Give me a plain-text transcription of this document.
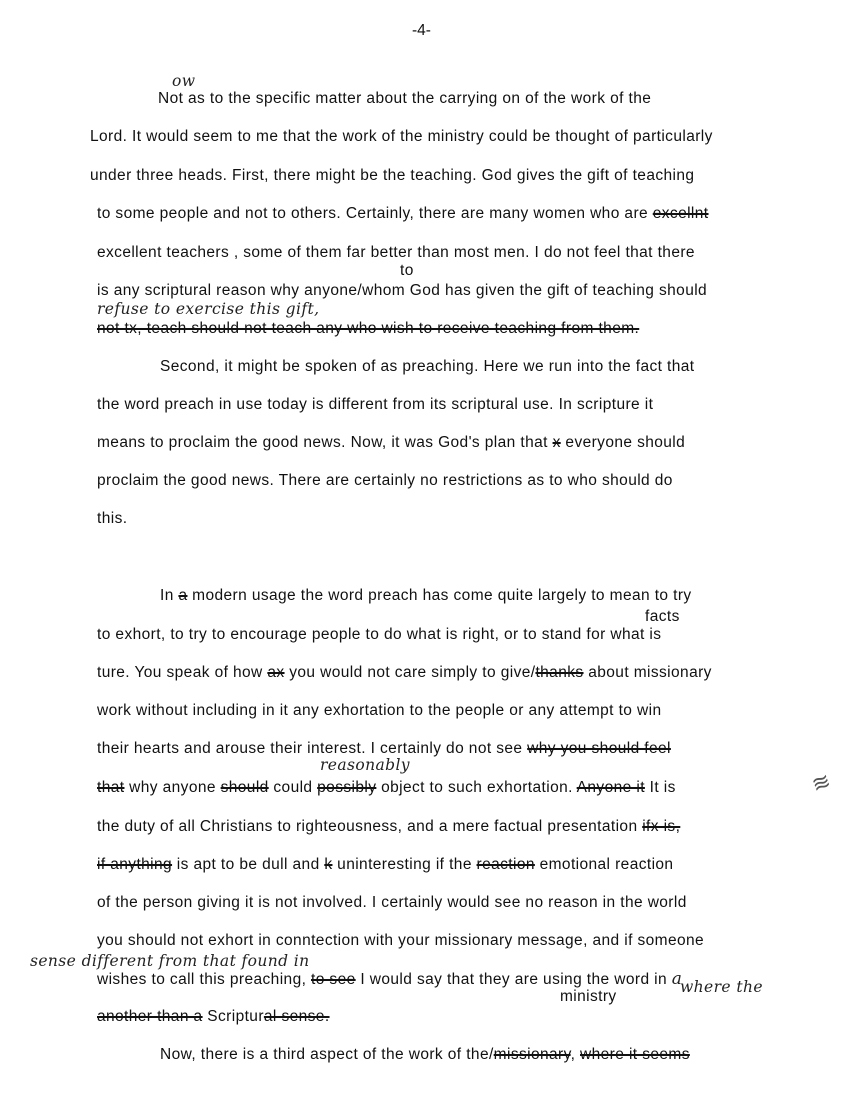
-4-
Not as to the specific matter about the carrying on of the work of the
Lord. It would seem to me that the work of the ministry could be thought of particularly
under three heads. First, there might be the teaching. God gives the gift of teaching
to some people and not to others. Certainly, there are many women who are excellnt
excellent teachers , some of them far better than most men. I do not feel that there
is any scriptural reason why anyone/whom God has given the gift of teaching should
not tx, teach should not teach any who wish to receive teaching from them.
Second, it might be spoken of as preaching. Here we run into the fact that
the word preach in use today is different from its scriptural use. In scripture it
means to proclaim the good news. Now, it was God's plan that x everyone should
proclaim the good news. There are certainly no restrictions as to who should do
this.
In a modern usage the word preach has come quite largely to mean to try
to exhort, to try to encourage people to do what is right, or to stand for what is
ture. You speak of how ax you would not care simply to give/thanks about missionary
work without including in it any exhortation to the people or any attempt to win
their hearts and arouse their interest. I certainly do not see why you should feel
that why anyone should could possibly object to such exhortation. Anyone it It is
the duty of all Christians to righteousness, and a mere factual presentation ifx is,
if anything is apt to be dull and k uninteresting if the reaction emotional reaction
of the person giving it is not involved. I certainly would see no reason in the world
you should not exhort in conntection with your missionary message, and if someone
wishes to call this preaching, to see I would say that they are using the word in a
another than a Scriptural sense.
Now, there is a third aspect of the work of the/missionary, where it seems
to
facts
ministry
ow
refuse to exercise this gift,
reasonably
sense different from that found in
where the
≋
